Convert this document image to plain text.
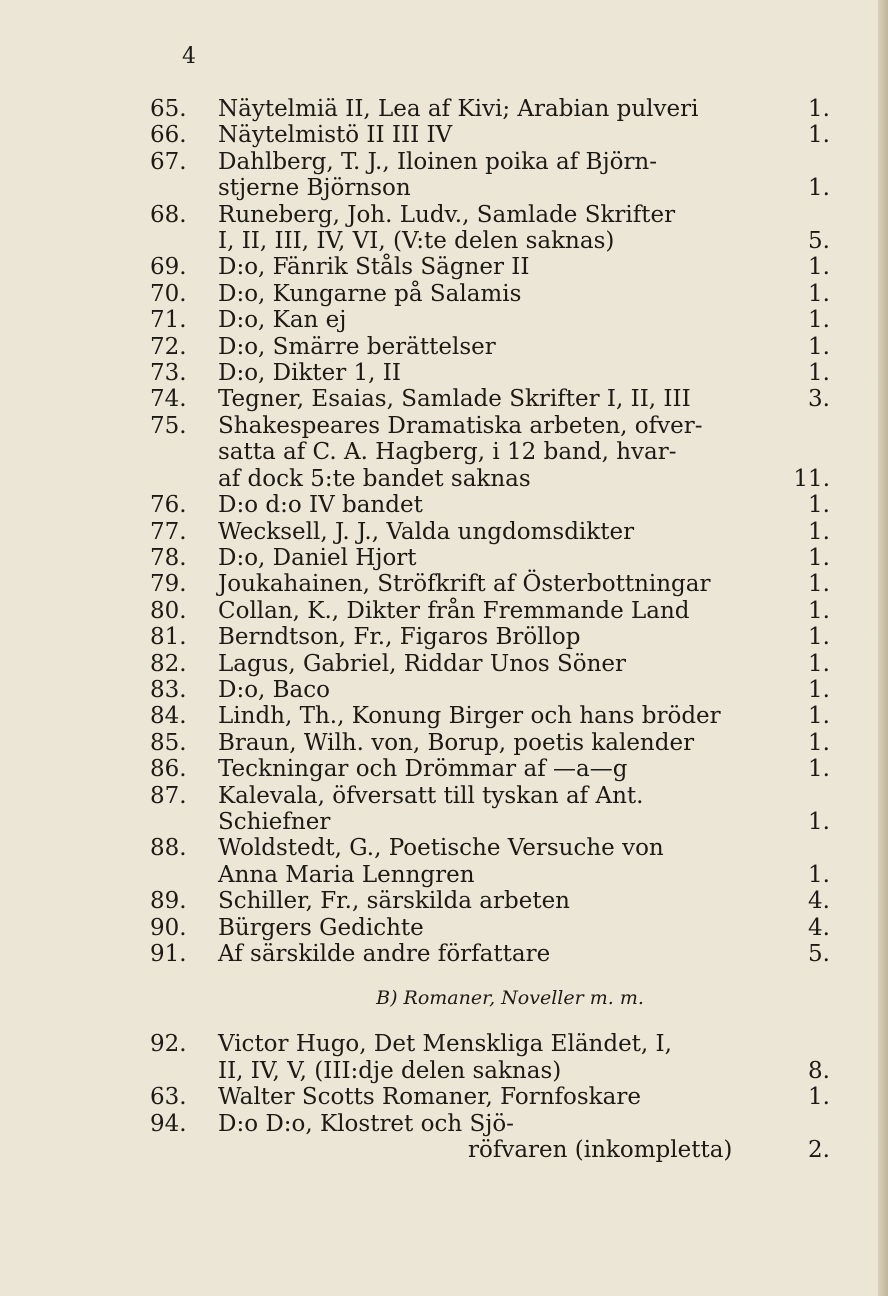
4
65. Näytelmiä II, Lea af Kivi; Arabian pulveri	1.
66. Näytelmistö II III IV	1.
67. Dahlberg, T. J., Iloinen poika af Björn-
stjerne Björnson	1.
68. Runeberg, Joh. Ludv., Samlade Skrifter
I, II, III, IV, VI, (V:te delen saknas)	5.
69. D:o, Fänrik Ståls Sägner II	1.
70. D:o, Kungarne på Salamis	1.
71. D:o, Kan ej	1.
72. D:o, Smärre berättelser	1.
73. D:o, Dikter 1, II	1.
74. Tegner, Esaias, Samlade Skrifter I, II, III	3.
75. Shakespeares Dramatiska arbeten, ofver-
satta af C. A. Hagberg, i 12 band, hvar-
af dock 5:te bandet saknas	11.
76. D:o d:o IV bandet	1.
77. Wecksell, J. J., Valda ungdomsdikter	1.
78. D:o, Daniel Hjort	1.
79. Joukahainen, Ströfkrift af Österbottningar	1.
80. Collan, K., Dikter från Fremmande Land	1.
81. Berndtson, Fr., Figaros Bröllop	1.
82. Lagus, Gabriel, Riddar Unos Söner	1.
83. D:o, Baco	1.
84. Lindh, Th., Konung Birger och hans bröder	1.
85. Braun, Wilh. von, Borup, poetis kalender	1.
86. Teckningar och Drömmar af —a—g	1.
87. Kalevala, öfversatt till tyskan af Ant.
Schiefner	1.
88. Woldstedt, G., Poetische Versuche von
Anna Maria Lenngren	1.
89. Schiller, Fr., särskilda arbeten	4.
90. Bürgers Gedichte	4.
91. Af särskilde andre författare	5.
B) Romaner, Noveller m. m.
92. Victor Hugo, Det Menskliga Eländet, I,
II, IV, V, (III:dje delen saknas)	8.
63. Walter Scotts Romaner, Fornfoskare	1.
94. D:o D:o, Klostret och Sjö-
röfvaren (inkompletta)	2.
